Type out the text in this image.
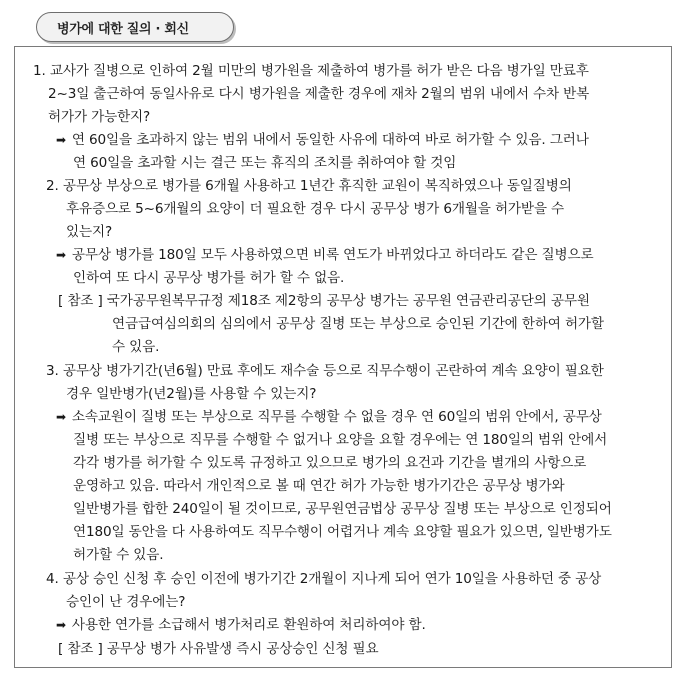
병가에 대한 질의 · 회신
1. 교사가 질병으로 인하여 2월 미만의 병가원을 제출하여 병가를 허가 받은 다음 병가일 만료후
2~3일 출근하여 동일사유로 다시 병가원을 제출한 경우에 재차 2월의 범위 내에서 수차 반복
허가가 가능한지?
➡ 연 60일을 초과하지 않는 범위 내에서 동일한 사유에 대하여 바로 허가할 수 있음. 그러나
연 60일을 초과할 시는 결근 또는 휴직의 조치를 취하여야 할 것임
2. 공무상 부상으로 병가를 6개월 사용하고 1년간 휴직한 교원이 복직하였으나 동일질병의
후유증으로 5~6개월의 요양이 더 필요한 경우 다시 공무상 병가 6개월을 허가받을 수
있는지?
➡ 공무상 병가를 180일 모두 사용하였으면 비록 연도가 바뀌었다고 하더라도 같은 질병으로
인하여 또 다시 공무상 병가를 허가 할 수 없음.
[ 참조 ] 국가공무원복무규정 제18조 제2항의 공무상 병가는 공무원 연금관리공단의 공무원
연금급여심의회의 심의에서 공무상 질병 또는 부상으로 승인된 기간에 한하여 허가할
수 있음.
3. 공무상 병가기간(년6월) 만료 후에도 재수술 등으로 직무수행이 곤란하여 계속 요양이 필요한
경우 일반병가(년2월)를 사용할 수 있는지?
➡ 소속교원이 질병 또는 부상으로 직무를 수행할 수 없을 경우 연 60일의 범위 안에서, 공무상
질병 또는 부상으로 직무를 수행할 수 없거나 요양을 요할 경우에는 연 180일의 범위 안에서
각각 병가를 허가할 수 있도록 규정하고 있으므로 병가의 요건과 기간을 별개의 사항으로
운영하고 있음. 따라서 개인적으로 볼 때 연간 허가 가능한 병가기간은 공무상 병가와
일반병가를 합한 240일이 될 것이므로, 공무원연금법상 공무상 질병 또는 부상으로 인정되어
연180일 동안을 다 사용하여도 직무수행이 어렵거나 계속 요양할 필요가 있으면, 일반병가도
허가할 수 있음.
4. 공상 승인 신청 후 승인 이전에 병가기간 2개월이 지나게 되어 연가 10일을 사용하던 중 공상
승인이 난 경우에는?
➡ 사용한 연가를 소급해서 병가처리로 환원하여 처리하여야 함.
[ 참조 ] 공무상 병가 사유발생 즉시 공상승인 신청 필요
